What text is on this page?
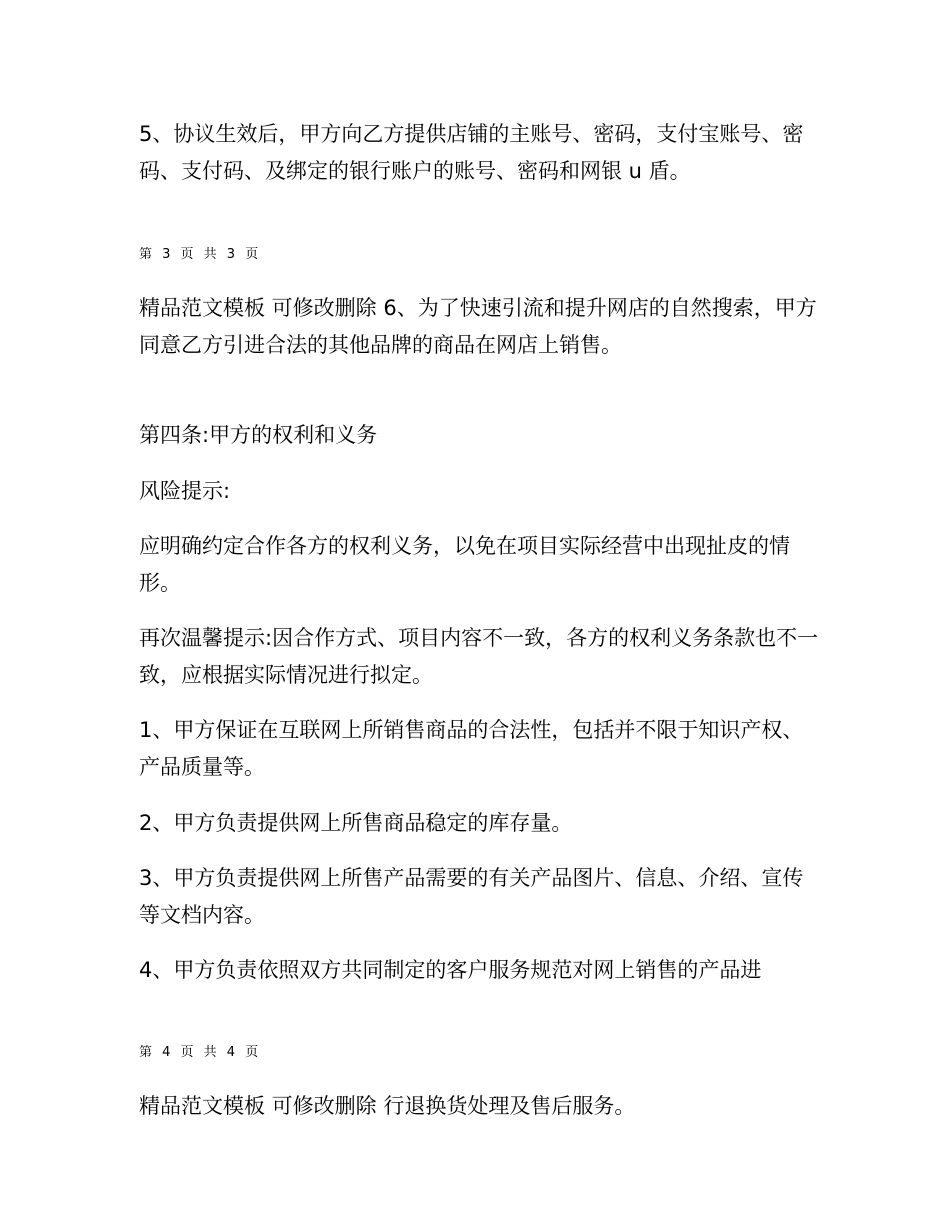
5、协议生效后，甲方向乙方提供店铺的主账号、密码，支付宝账号、密码、支付码、及绑定的银行账户的账号、密码和网银 u 盾。
第 3 页 共 3 页
精品范文模板 可修改删除 6、为了快速引流和提升网店的自然搜索，甲方同意乙方引进合法的其他品牌的商品在网店上销售。
第四条:甲方的权利和义务
风险提示:
应明确约定合作各方的权利义务，以免在项目实际经营中出现扯皮的情形。
再次温馨提示:因合作方式、项目内容不一致，各方的权利义务条款也不一致，应根据实际情况进行拟定。
1、甲方保证在互联网上所销售商品的合法性，包括并不限于知识产权、产品质量等。
2、甲方负责提供网上所售商品稳定的库存量。
3、甲方负责提供网上所售产品需要的有关产品图片、信息、介绍、宣传等文档内容。
4、甲方负责依照双方共同制定的客户服务规范对网上销售的产品进
第 4 页 共 4 页
精品范文模板 可修改删除 行退换货处理及售后服务。
